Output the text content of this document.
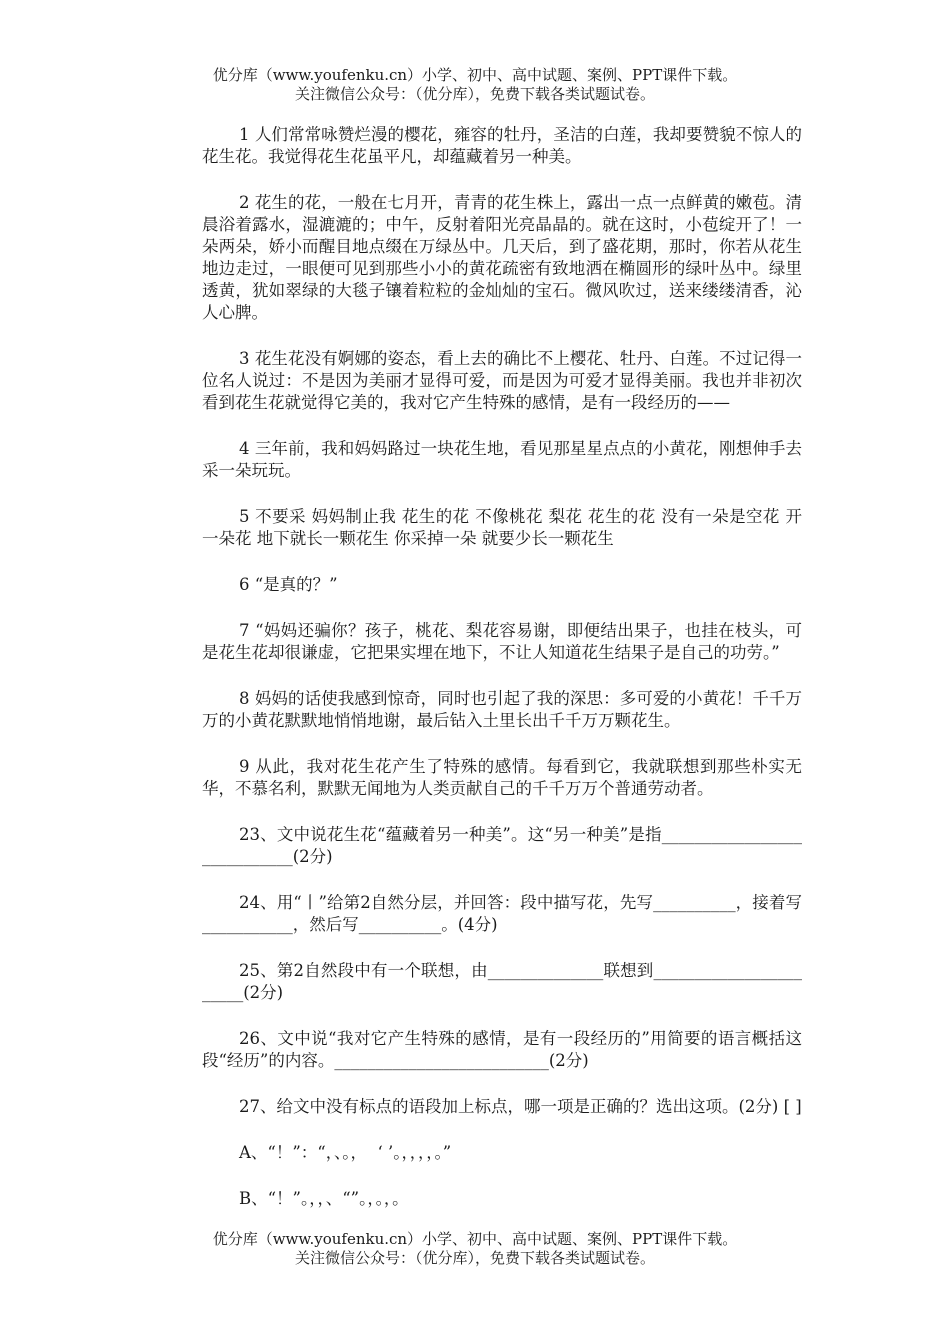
优分库（www.youfenku.cn）小学、初中、高中试题、案例、PPT课件下载。
关注微信公众号：（优分库），免费下载各类试题试卷。

1 人们常常咏赞烂漫的樱花，雍容的牡丹，圣洁的白莲，我却要赞貌不惊人的花生花。我觉得花生花虽平凡，却蕴藏着另一种美。

2 花生的花，一般在七月开，青青的花生株上，露出一点一点鲜黄的嫩苞。清晨浴着露水，湿漉漉的；中午，反射着阳光亮晶晶的。就在这时，小苞绽开了！一朵两朵，娇小而醒目地点缀在万绿丛中。几天后，到了盛花期，那时，你若从花生地边走过，一眼便可见到那些小小的黄花疏密有致地洒在椭圆形的绿叶丛中。绿里透黄，犹如翠绿的大毯子镶着粒粒的金灿灿的宝石。微风吹过，送来缕缕清香，沁人心脾。

3 花生花没有婀娜的姿态，看上去的确比不上樱花、牡丹、白莲。不过记得一位名人说过：不是因为美丽才显得可爱，而是因为可爱才显得美丽。我也并非初次看到花生花就觉得它美的，我对它产生特殊的感情，是有一段经历的——

4 三年前，我和妈妈路过一块花生地，看见那星星点点的小黄花，刚想伸手去采一朵玩玩。

5 不要采 妈妈制止我 花生的花 不像桃花 梨花 花生的花 没有一朵是空花 开一朵花 地下就长一颗花生 你采掉一朵 就要少长一颗花生

6 “是真的？”

7 “妈妈还骗你？孩子，桃花、梨花容易谢，即便结出果子，也挂在枝头，可是花生花却很谦虚，它把果实埋在地下，不让人知道花生结果子是自己的功劳。”

8 妈妈的话使我感到惊奇，同时也引起了我的深思：多可爱的小黄花！千千万万的小黄花默默地悄悄地谢，最后钻入土里长出千千万万颗花生。

9 从此，我对花生花产生了特殊的感情。每看到它，我就联想到那些朴实无华，不慕名利，默默无闻地为人类贡献自己的千千万万个普通劳动者。

23、文中说花生花“蕴藏着另一种美”。这“另一种美”是指____________________________(2分)

24、用“丨”给第2自然分层，并回答：段中描写花，先写__________，接着写___________，然后写__________。(4分)

25、第2自然段中有一个联想，由______________联想到_______________________(2分)

26、文中说“我对它产生特殊的感情，是有一段经历的”用简要的语言概括这段“经历”的内容。__________________________(2分)

27、给文中没有标点的语段加上标点，哪一项是正确的？选出这项。(2分) [ ]

A、“！”：“，、。，  ‘ ’。，，，，。”

B、“！”。，，、“”。，。，。

优分库（www.youfenku.cn）小学、初中、高中试题、案例、PPT课件下载。
关注微信公众号：（优分库），免费下载各类试题试卷。
